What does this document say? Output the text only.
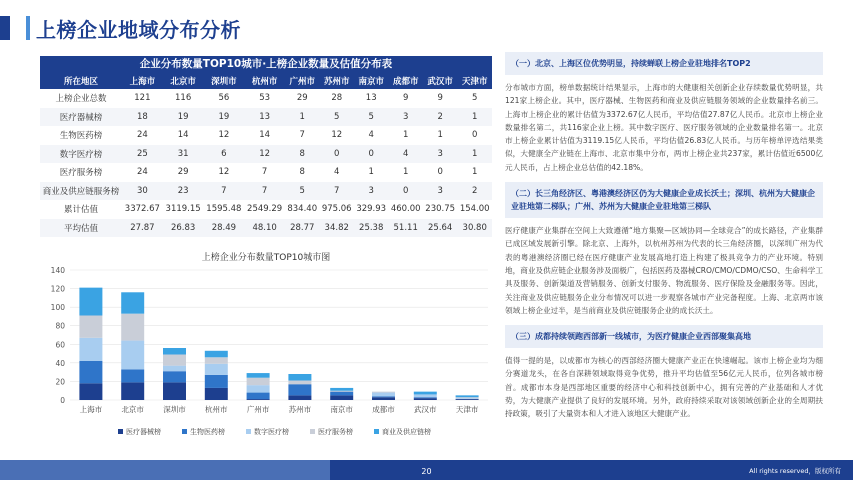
上榜企业地域分布分析
企业分布数量TOP10城市·上榜企业数量及估值分布表
所在地区	上海市	北京市	深圳市	杭州市	广州市	苏州市	南京市	成都市	武汉市	天津市
上榜企业总数	121	116	56	53	29	28	13	9	9	5
医疗器械榜	18	19	19	13	1	5	5	3	2	1
生物医药榜	24	14	12	14	7	12	4	1	1	0
数字医疗榜	25	31	6	12	8	0	0	4	3	1
医疗服务榜	24	29	12	7	8	4	1	1	0	1
商业及供应链服务榜	30	23	7	7	5	7	3	0	3	2
累计估值	3372.67	3119.15	1595.48	2549.29	834.40	975.06	329.93	460.00	230.75	154.00
平均估值	27.87	26.83	28.49	48.10	28.77	34.82	25.38	51.11	25.64	30.80
上榜企业分布数量TOP10城市图
0
20
40
60
80
100
120
140
上海市	北京市	深圳市	杭州市	广州市	苏州市	南京市	成都市	武汉市	天津市
医疗器械榜	生物医药榜	数字医疗榜	医疗服务榜	商业及供应链榜
（一）北京、上海区位优势明显，持续蝉联上榜企业驻地排名TOP2
分布城市方面，榜单数据统计结果显示，上海市的大健康相关创新企业存续数量优势明显，共121家上榜企业。其中，医疗器械、生物医药和商业及供应链服务领域的企业数量排名前三。上海市上榜企业的累计估值为3372.67亿人民币，平均估值27.87亿人民币。北京市上榜企业数量排名第二，共116家企业上榜。其中数字医疗、医疗服务领域的企业数量排名第一。北京市上榜企业累计估值为3119.15亿人民币，平均估值26.83亿人民币。与历年榜单评选结果类似，大健康全产业链在上海市、北京市集中分布，两市上榜企业共237家，累计估值近6500亿元人民币，占上榜企业总估值的42.18%。
（二）长三角经济区、粤港澳经济区仍为大健康企业成长沃土；深圳、杭州为大健康企业驻地第二梯队；广州、苏州为大健康企业驻地第三梯队
医疗健康产业集群在空间上大致遵循“地方集聚—区域协同—全球竞合”的成长路径，产业集群已成区域发展新引擎。除北京、上海外，以杭州苏州为代表的长三角经济圈，以深圳广州为代表的粤港澳经济圈已经在医疗健康产业发展高地打造上构建了极具竞争力的产业环境。特别地，商业及供应链企业服务涉及面极广，包括医药及器械CRO/CMO/CDMO/CSO、生命科学工具及服务、创新渠道及营销服务、创新支付服务、物流服务、医疗保险及金融服务等。因此，关注商业及供应链服务企业分布情况可以进一步观察各城市产业完备程度。上海、北京两市该领域上榜企业过半，是当前商业及供应链服务企业的成长沃土。
（三）成都持续领跑西部新一线城市，为医疗健康企业西部聚集高地
值得一提的是，以成都市为核心的西部经济圈大健康产业正在快速崛起。该市上榜企业均为细分赛道龙头，在各自深耕领域取得竞争优势，推升平均估值至56亿元人民币，位列各城市榜首。成都市本身是西部地区重要的经济中心和科技创新中心，拥有完善的产业基础和人才优势，为大健康产业提供了良好的发展环境。另外，政府持续采取对该领域创新企业的全周期扶持政策，吸引了大量资本和人才进入该地区大健康产业。
20	All rights reserved，版权所有
